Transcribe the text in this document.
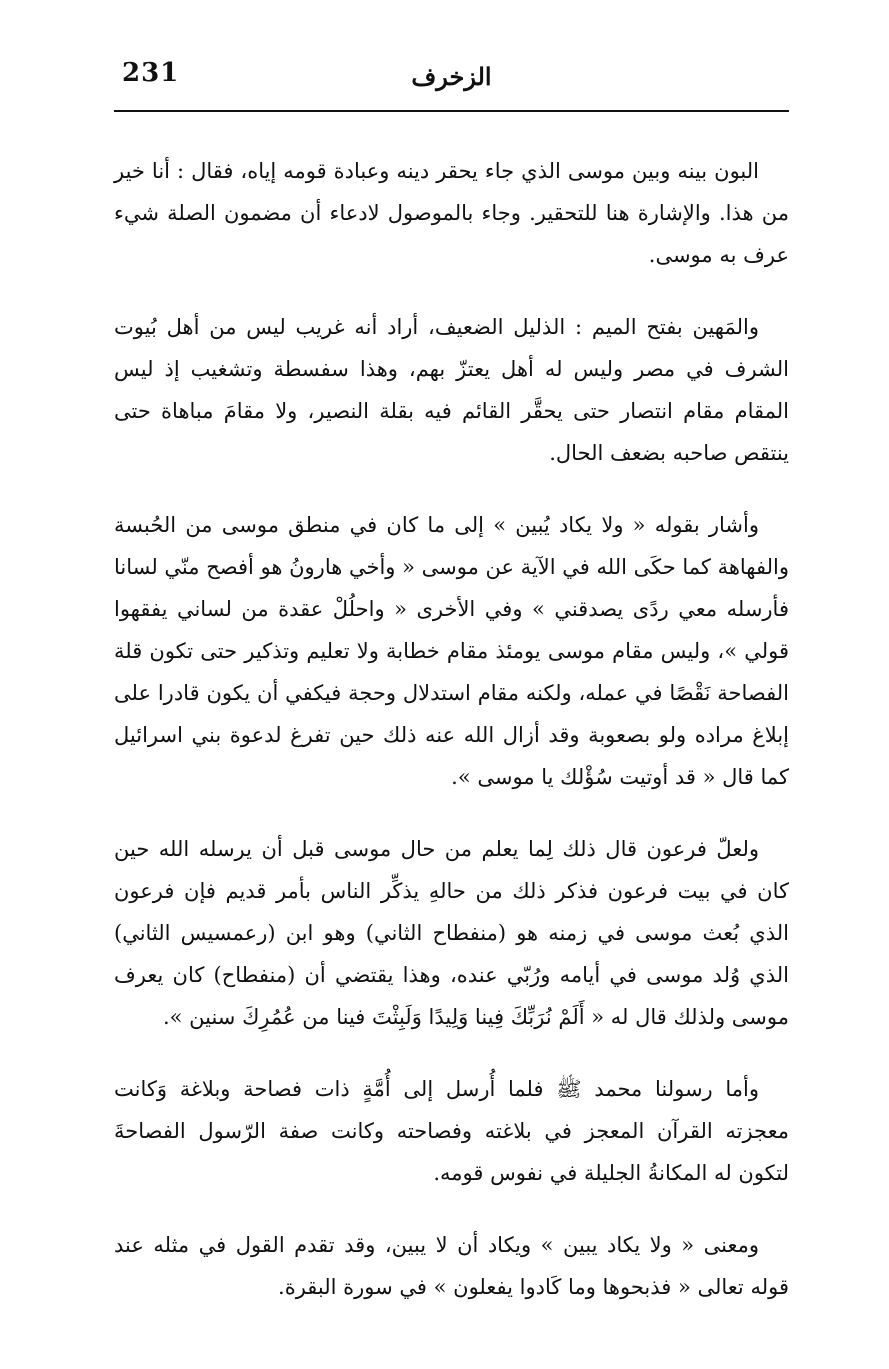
231	الزخرف

البون بينه وبين موسى الذي جاء يحقر دينه وعبادة قومه إياه، فقال : أنا خير من هذا. والإشارة هنا للتحقير. وجاء بالموصول لادعاء أن مضمون الصلة شيء عرف به موسى.

والمَهين بفتح الميم : الذليل الضعيف، أراد أنه غريب ليس من أهل بُيوت الشرف في مصر وليس له أهل يعتزّ بهم، وهذا سفسطة وتشغيب إذ ليس المقام مقام انتصار حتى يحقَّر القائم فيه بقلة النصير، ولا مقامَ مباهاة حتى ينتقص صاحبه بضعف الحال.

وأشار بقوله « ولا يكاد يُبين » إلى ما كان في منطق موسى من الحُبسة والفهاهة كما حكَى الله في الآية عن موسى « وأخي هارونُ هو أفصح منّي لسانا فأرسله معي ردًى يصدقني » وفي الأخرى « واحلُلْ عقدة من لساني يفقهوا قولي »، وليس مقام موسى يومئذ مقام خطابة ولا تعليم وتذكير حتى تكون قلة الفصاحة نَقْصًا في عمله، ولكنه مقام استدلال وحجة فيكفي أن يكون قادرا على إبلاغ مراده ولو بصعوبة وقد أزال الله عنه ذلك حين تفرغ لدعوة بني اسرائيل كما قال « قد أوتيت سُؤْلك يا موسى ».

ولعلّ فرعون قال ذلك لِما يعلم من حال موسى قبل أن يرسله الله حين كان في بيت فرعون فذكر ذلك من حالهِ يذكِّر الناس بأمر قديم فإن فرعون الذي بُعث موسى في زمنه هو (منفطاح الثاني) وهو ابن (رعمسيس الثاني) الذي وُلد موسى في أيامه ورُبّي عنده، وهذا يقتضي أن (منفطاح) كان يعرف موسى ولذلك قال له « أَلَمْ نُرَبِّكَ فِينا وَلِيدًا وَلَبِثْتَ فينا من عُمُرِكَ سنين ».

وأما رسولنا محمد ﷺ فلما أُرسل إلى أُمَّةٍ ذات فصاحة وبلاغة وَكانت معجزته القرآن المعجز في بلاغته وفصاحته وكانت صفة الرّسول الفصاحةَ لتكون له المكانةُ الجليلة في نفوس قومه.

ومعنى « ولا يكاد يبين » ويكاد أن لا يبين، وقد تقدم القول في مثله عند قوله تعالى « فذبحوها وما كَادوا يفعلون » في سورة البقرة.
